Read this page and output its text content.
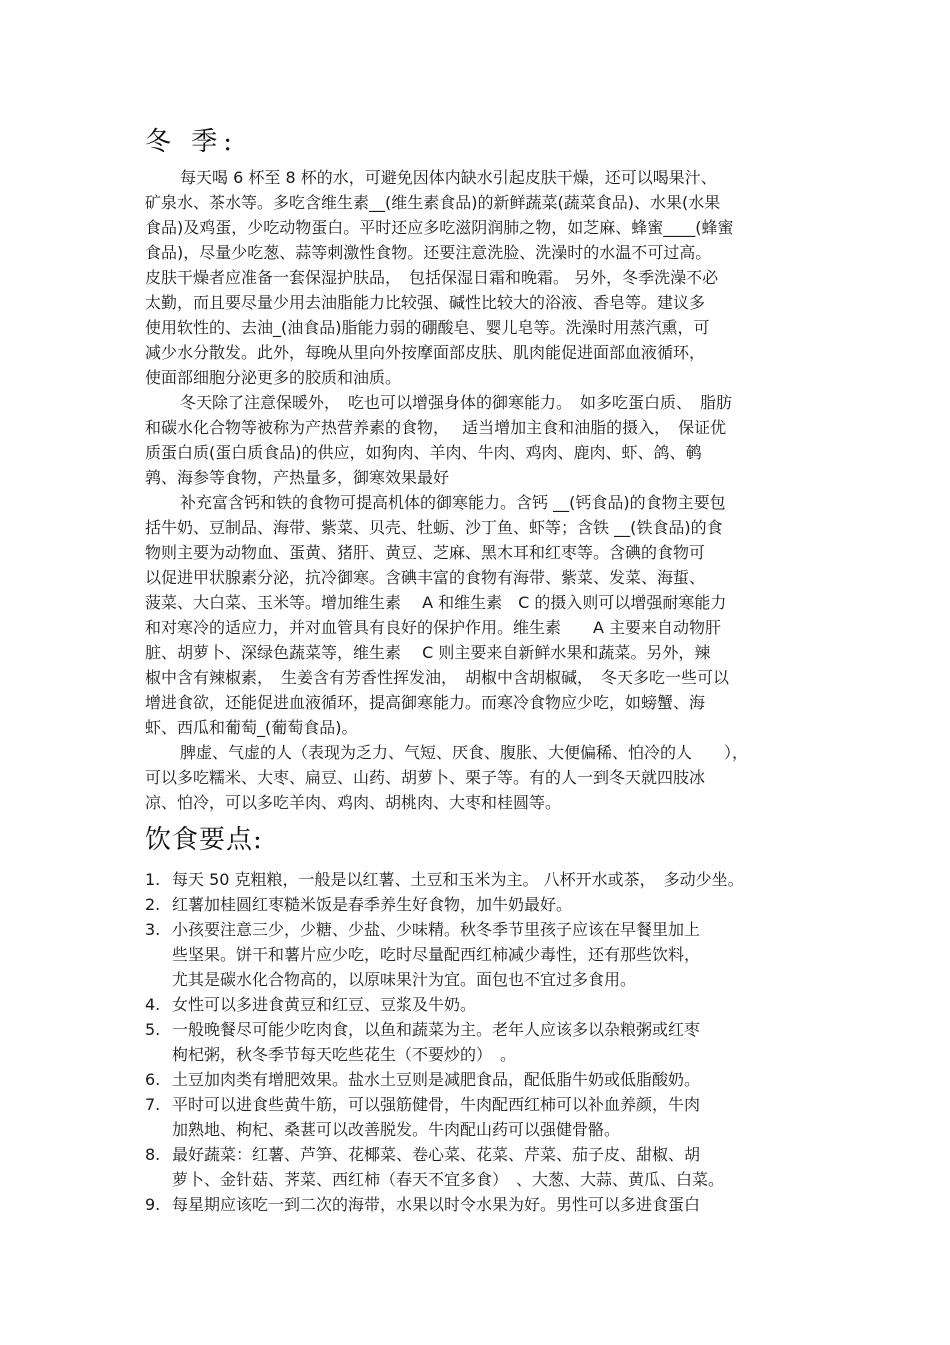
冬 季:

每天喝 6 杯至 8 杯的水，可避免因体内缺水引起皮肤干燥，还可以喝果汁、

矿泉水、茶水等。多吃含维生素__(维生素食品)的新鲜蔬菜(蔬菜食品)、水果(水果

食品)及鸡蛋，少吃动物蛋白。平时还应多吃滋阴润肺之物，如芝麻、蜂蜜____(蜂蜜

食品)，尽量少吃葱、蒜等刺激性食物。还要注意洗脸、洗澡时的水温不可过高。

皮肤干燥者应准备一套保湿护肤品，　包括保湿日霜和晚霜。 另外，冬季洗澡不必

太勤，而且要尽量少用去油脂能力比较强、碱性比较大的浴液、香皂等。建议多

使用软性的、去油_(油食品)脂能力弱的硼酸皂、婴儿皂等。洗澡时用蒸汽熏，可

减少水分散发。此外，每晚从里向外按摩面部皮肤、肌肉能促进面部血液循环，

使面部细胞分泌更多的胶质和油质。

冬天除了注意保暖外，　吃也可以增强身体的御寒能力。　如多吃蛋白质、　脂肪

和碳水化合物等被称为产热营养素的食物，　 适当增加主食和油脂的摄入，　保证优

质蛋白质(蛋白质食品)的供应，如狗肉、羊肉、牛肉、鸡肉、鹿肉、虾、鸽、鹌

鹑、海参等食物，产热量多，御寒效果最好

补充富含钙和铁的食物可提高机体的御寒能力。含钙 __(钙食品)的食物主要包

括牛奶、豆制品、海带、紫菜、贝壳、牡蛎、沙丁鱼、虾等；含铁 __(铁食品)的食

物则主要为动物血、蛋黄、猪肝、黄豆、芝麻、黑木耳和红枣等。含碘的食物可

以促进甲状腺素分泌，抗冷御寒。含碘丰富的食物有海带、紫菜、发菜、海蜇、

菠菜、大白菜、玉米等。增加维生素　 A 和维生素　C 的摄入则可以增强耐寒能力

和对寒冷的适应力，并对血管具有良好的保护作用。维生素　　A 主要来自动物肝

脏、胡萝卜、深绿色蔬菜等，维生素　 C 则主要来自新鲜水果和蔬菜。另外，辣

椒中含有辣椒素，　生姜含有芳香性挥发油，　胡椒中含胡椒碱，　冬天多吃一些可以

增进食欲，还能促进血液循环，提高御寒能力。而寒冷食物应少吃，如螃蟹、海

虾、西瓜和葡萄_(葡萄食品)。

脾虚、气虚的人（表现为乏力、气短、厌食、腹胀、大便偏稀、怕冷的人　　），

可以多吃糯米、大枣、扁豆、山药、胡萝卜、栗子等。有的人一到冬天就四肢冰

凉、怕冷，可以多吃羊肉、鸡肉、胡桃肉、大枣和桂圆等。

饮食要点:
1. 每天 50 克粗粮，一般是以红薯、土豆和玉米为主。 八杯开水或茶，　多动少坐。
2. 红薯加桂圆红枣糙米饭是春季养生好食物，加牛奶最好。
3. 小孩要注意三少，少糖、少盐、少味精。秋冬季节里孩子应该在早餐里加上
些坚果。饼干和薯片应少吃，吃时尽量配西红柿减少毒性，还有那些饮料，
尤其是碳水化合物高的，以原味果汁为宜。面包也不宜过多食用。
4. 女性可以多进食黄豆和红豆、豆浆及牛奶。
5. 一般晚餐尽可能少吃肉食，以鱼和蔬菜为主。老年人应该多以杂粮粥或红枣
枸杞粥，秋冬季节每天吃些花生（不要炒的）　。
6. 土豆加肉类有增肥效果。盐水土豆则是减肥食品，配低脂牛奶或低脂酸奶。
7. 平时可以进食些黄牛筋，可以强筋健骨，牛肉配西红柿可以补血养颜，牛肉
加熟地、枸杞、桑葚可以改善脱发。牛肉配山药可以强健骨骼。
8. 最好蔬菜：红薯、芦笋、花椰菜、卷心菜、花菜、芹菜、茄子皮、甜椒、胡
萝卜、金针菇、荠菜、西红柿（春天不宜多食）　、大葱、大蒜、黄瓜、白菜。
9. 每星期应该吃一到二次的海带，水果以时令水果为好。男性可以多进食蛋白
